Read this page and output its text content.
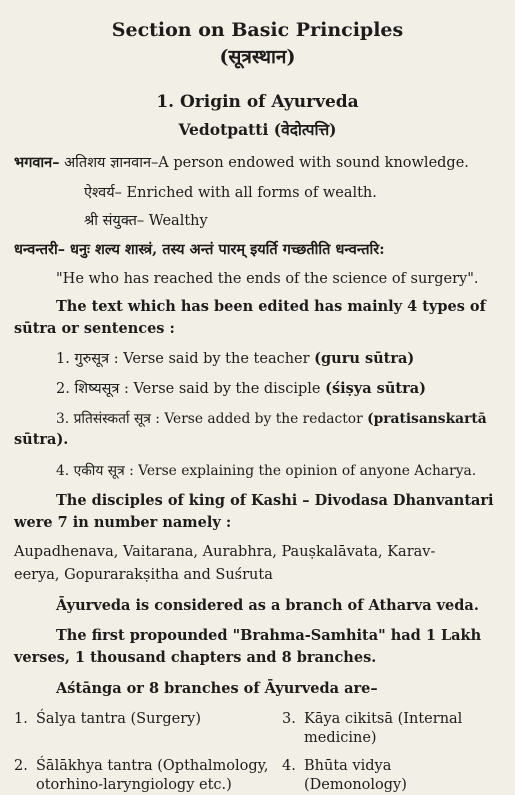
Section on Basic Principles
(सूत्रस्थान)
1. Origin of Ayurveda
Vedotpatti (वेदोत्पत्ति)
भगवान– अतिशय ज्ञानवान–A person endowed with sound knowledge.
ऐश्वर्य– Enriched with all forms of wealth.
श्री संयुक्त– Wealthy
धन्वन्तरी– धनुः शल्य शास्त्रं, तस्य अन्तं पारम् इयर्ति गच्छतीति धन्वन्तरि:
"He who has reached the ends of the science of surgery".
The text which has been edited has mainly 4 types of
sūtra or sentences :
1. गुरुसूत्र : Verse said by the teacher (guru sūtra)
2. शिष्यसूत्र : Verse said by the disciple (śiṣya sūtra)
3. प्रतिसंस्कर्ता सूत्र : Verse added by the redactor (pratisanskartā
sūtra).
4. एकीय सूत्र : Verse explaining the opinion of anyone Acharya.
The disciples of king of Kashi – Divodasa Dhanvantari
were 7 in number namely :
Aupadhenava, Vaitarana, Aurabhra, Pauṣkalāvata, Karav-
eerya, Gopurarakṣitha and Suśruta
Āyurveda is considered as a branch of Atharva veda.
The first propounded "Brahma-Samhita" had 1 Lakh
verses, 1 thousand chapters and 8 branches.
Aśtānga or 8 branches of Āyurveda are–
1. Śalya tantra (Surgery)	3. Kāya cikitsā (Internal
medicine)
2. Śālākhya tantra (Opthalmology,
otorhino-laryngiology etc.)
4. Bhūta vidya
(Demonology)
